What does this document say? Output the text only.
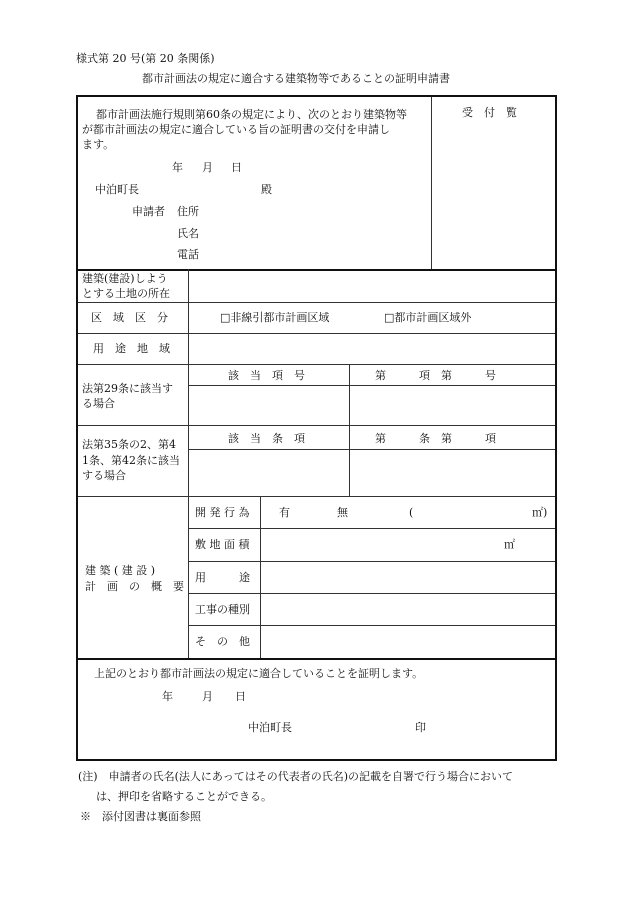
様式第 20 号(第 20 条関係)
都市計画法の規定に適合する建築物等であることの証明申請書
都市計画法施行規則第60条の規定により、次のとおり建築物等
が都市計画法の規定に適合している旨の証明書の交付を申請し
ます。
年 月 日
中泊町長	殿
申請者 住所
氏名
電話
受　付　覧
建築(建設)しよう
とする土地の所在
区　域　区　分	□非線引都市計画区域	□都市計画区域外
用　途　地　域
法第29条に該当す
る場合
該　当　項　号	第　　　項　第　　　号
法第35条の2、第4
1条、第42条に該当
する場合
該　当　条　項	第　　　条　第　　　項
建 築 ( 建 設 )
計　画　の　概　要
開 発 行 為	有	無	(	㎡)
敷 地 面 積	㎡
用　　　途
工事の種別
そ　の　他
上記のとおり都市計画法の規定に適合していることを証明します。
年	月 日
中泊町長	印
(注)　申請者の氏名(法人にあってはその代表者の氏名)の記載を自署で行う場合において
は、押印を省略することができる。
※　添付図書は裏面参照
